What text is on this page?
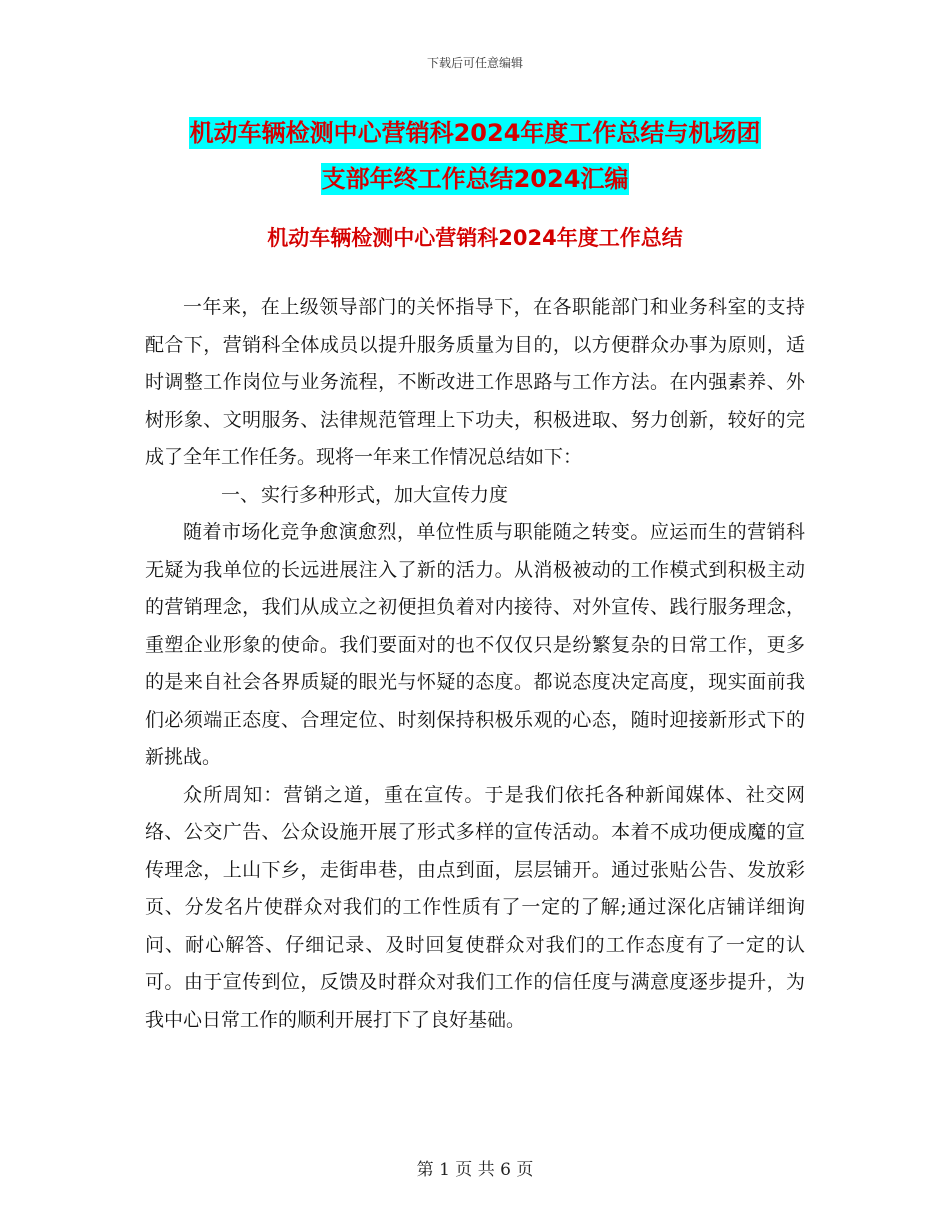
下载后可任意编辑
机动车辆检测中心营销科2024年度工作总结与机场团
支部年终工作总结2024汇编
机动车辆检测中心营销科2024年度工作总结

一年来，在上级领导部门的关怀指导下，在各职能部门和业务科室的支持配合下，营销科全体成员以提升服务质量为目的，以方便群众办事为原则，适时调整工作岗位与业务流程，不断改进工作思路与工作方法。在内强素养、外树形象、文明服务、法律规范管理上下功夫，积极进取、努力创新，较好的完成了全年工作任务。现将一年来工作情况总结如下：

一、 实行多种形式，加大宣传力度

随着市场化竞争愈演愈烈，单位性质与职能随之转变。应运而生的营销科无疑为我单位的长远进展注入了新的活力。从消极被动的工作模式到积极主动的营销理念，我们从成立之初便担负着对内接待、对外宣传、践行服务理念，重塑企业形象的使命。我们要面对的也不仅仅只是纷繁复杂的日常工作，更多的是来自社会各界质疑的眼光与怀疑的态度。都说态度决定高度，现实面前我们必须端正态度、合理定位、时刻保持积极乐观的心态，随时迎接新形式下的新挑战。

众所周知：营销之道，重在宣传。于是我们依托各种新闻媒体、社交网络、公交广告、公众设施开展了形式多样的宣传活动。本着不成功便成魔的宣传理念，上山下乡，走街串巷，由点到面，层层铺开。通过张贴公告、发放彩页、分发名片使群众对我们的工作性质有了一定的了解;通过深化店铺详细询问、耐心解答、仔细记录、及时回复使群众对我们的工作态度有了一定的认可。由于宣传到位，反馈及时群众对我们工作的信任度与满意度逐步提升，为我中心日常工作的顺利开展打下了良好基础。

第 1 页 共 6 页
